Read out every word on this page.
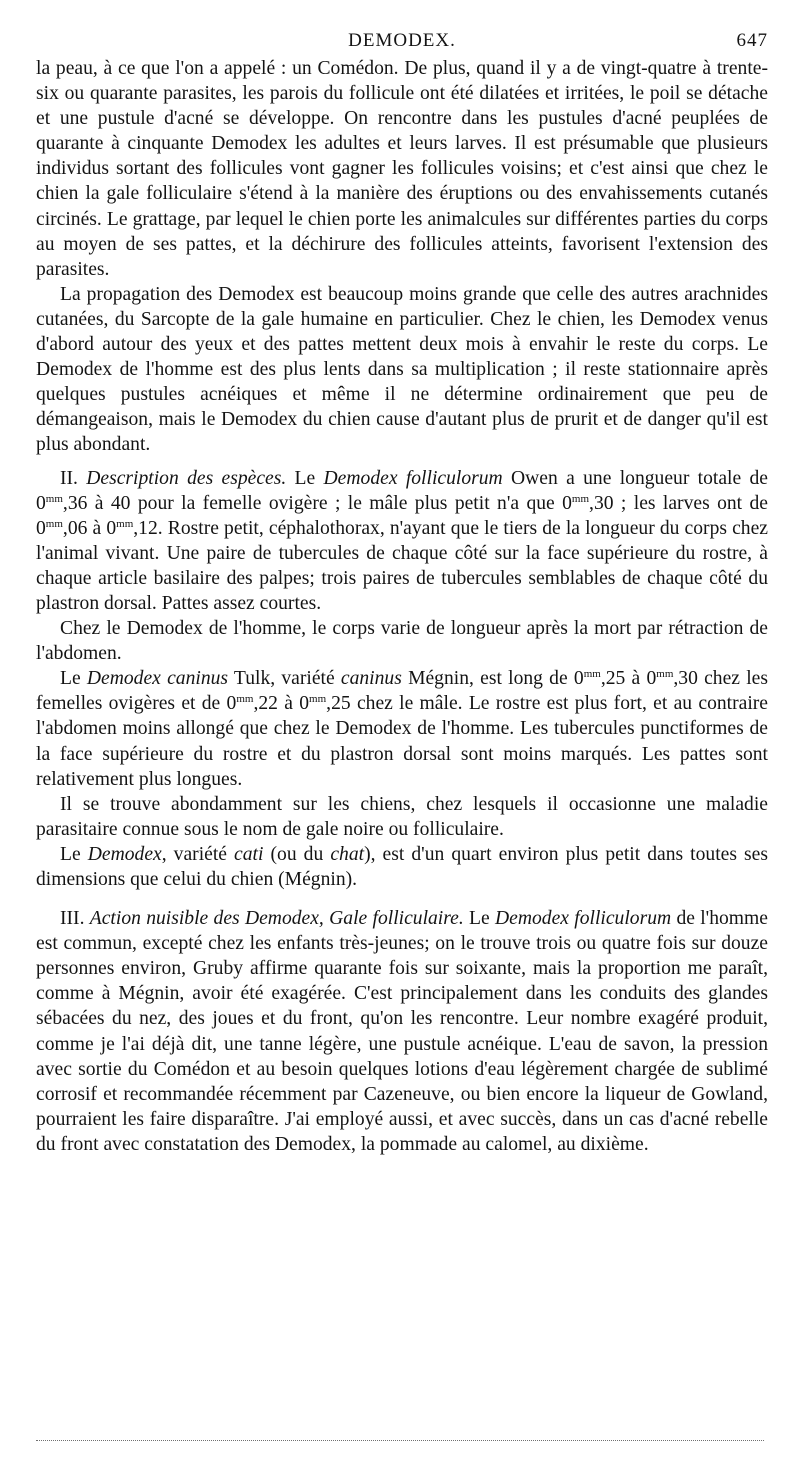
DEMODEX.	647

la peau, à ce que l'on a appelé : un Comédon. De plus, quand il y a de vingt-quatre à trente-six ou quarante parasites, les parois du follicule ont été dilatées et irritées, le poil se détache et une pustule d'acné se développe. On rencontre dans les pustules d'acné peuplées de quarante à cinquante Demodex les adultes et leurs larves. Il est présumable que plusieurs individus sortant des follicules vont gagner les follicules voisins; et c'est ainsi que chez le chien la gale folliculaire s'étend à la manière des éruptions ou des envahissements cutanés circinés. Le grattage, par lequel le chien porte les animalcules sur différentes parties du corps au moyen de ses pattes, et la déchirure des follicules atteints, favorisent l'extension des parasites.

La propagation des Demodex est beaucoup moins grande que celle des autres arachnides cutanées, du Sarcopte de la gale humaine en particulier. Chez le chien, les Demodex venus d'abord autour des yeux et des pattes mettent deux mois à envahir le reste du corps. Le Demodex de l'homme est des plus lents dans sa multiplication ; il reste stationnaire après quelques pustules acnéiques et même il ne détermine ordinairement que peu de démangeaison, mais le Demodex du chien cause d'autant plus de prurit et de danger qu'il est plus abondant.

II. Description des espèces. Le Demodex folliculorum Owen a une longueur totale de $0^{mm},36$ à 40 pour la femelle ovigère ; le mâle plus petit n'a que $0^{mm},30$ ; les larves ont de $0^{mm},06$ à $0^{mm},12$. Rostre petit, céphalothorax, n'ayant que le tiers de la longueur du corps chez l'animal vivant. Une paire de tubercules de chaque côté sur la face supérieure du rostre, à chaque article basilaire des palpes; trois paires de tubercules semblables de chaque côté du plastron dorsal. Pattes assez courtes.

Chez le Demodex de l'homme, le corps varie de longueur après la mort par rétraction de l'abdomen.

Le Demodex caninus Tulk, variété caninus Mégnin, est long de $0^{mm},25$ à $0^{mm},30$ chez les femelles ovigères et de $0^{mm},22$ à $0^{mm},25$ chez le mâle. Le rostre est plus fort, et au contraire l'abdomen moins allongé que chez le Demodex de l'homme. Les tubercules punctiformes de la face supérieure du rostre et du plastron dorsal sont moins marqués. Les pattes sont relativement plus longues.

Il se trouve abondamment sur les chiens, chez lesquels il occasionne une maladie parasitaire connue sous le nom de gale noire ou folliculaire.

Le Demodex, variété cati (ou du chat), est d'un quart environ plus petit dans toutes ses dimensions que celui du chien (Mégnin).

III. Action nuisible des Demodex, Gale folliculaire. Le Demodex folliculorum de l'homme est commun, excepté chez les enfants très-jeunes; on le trouve trois ou quatre fois sur douze personnes environ, Gruby affirme quarante fois sur soixante, mais la proportion me paraît, comme à Mégnin, avoir été exagérée. C'est principalement dans les conduits des glandes sébacées du nez, des joues et du front, qu'on les rencontre. Leur nombre exagéré produit, comme je l'ai déjà dit, une tanne légère, une pustule acnéique. L'eau de savon, la pression avec sortie du Comédon et au besoin quelques lotions d'eau légèrement chargée de sublimé corrosif et recommandée récemment par Cazeneuve, ou bien encore la liqueur de Gowland, pourraient les faire disparaître. J'ai employé aussi, et avec succès, dans un cas d'acné rebelle du front avec constatation des Demodex, la pommade au calomel, au dixième.
